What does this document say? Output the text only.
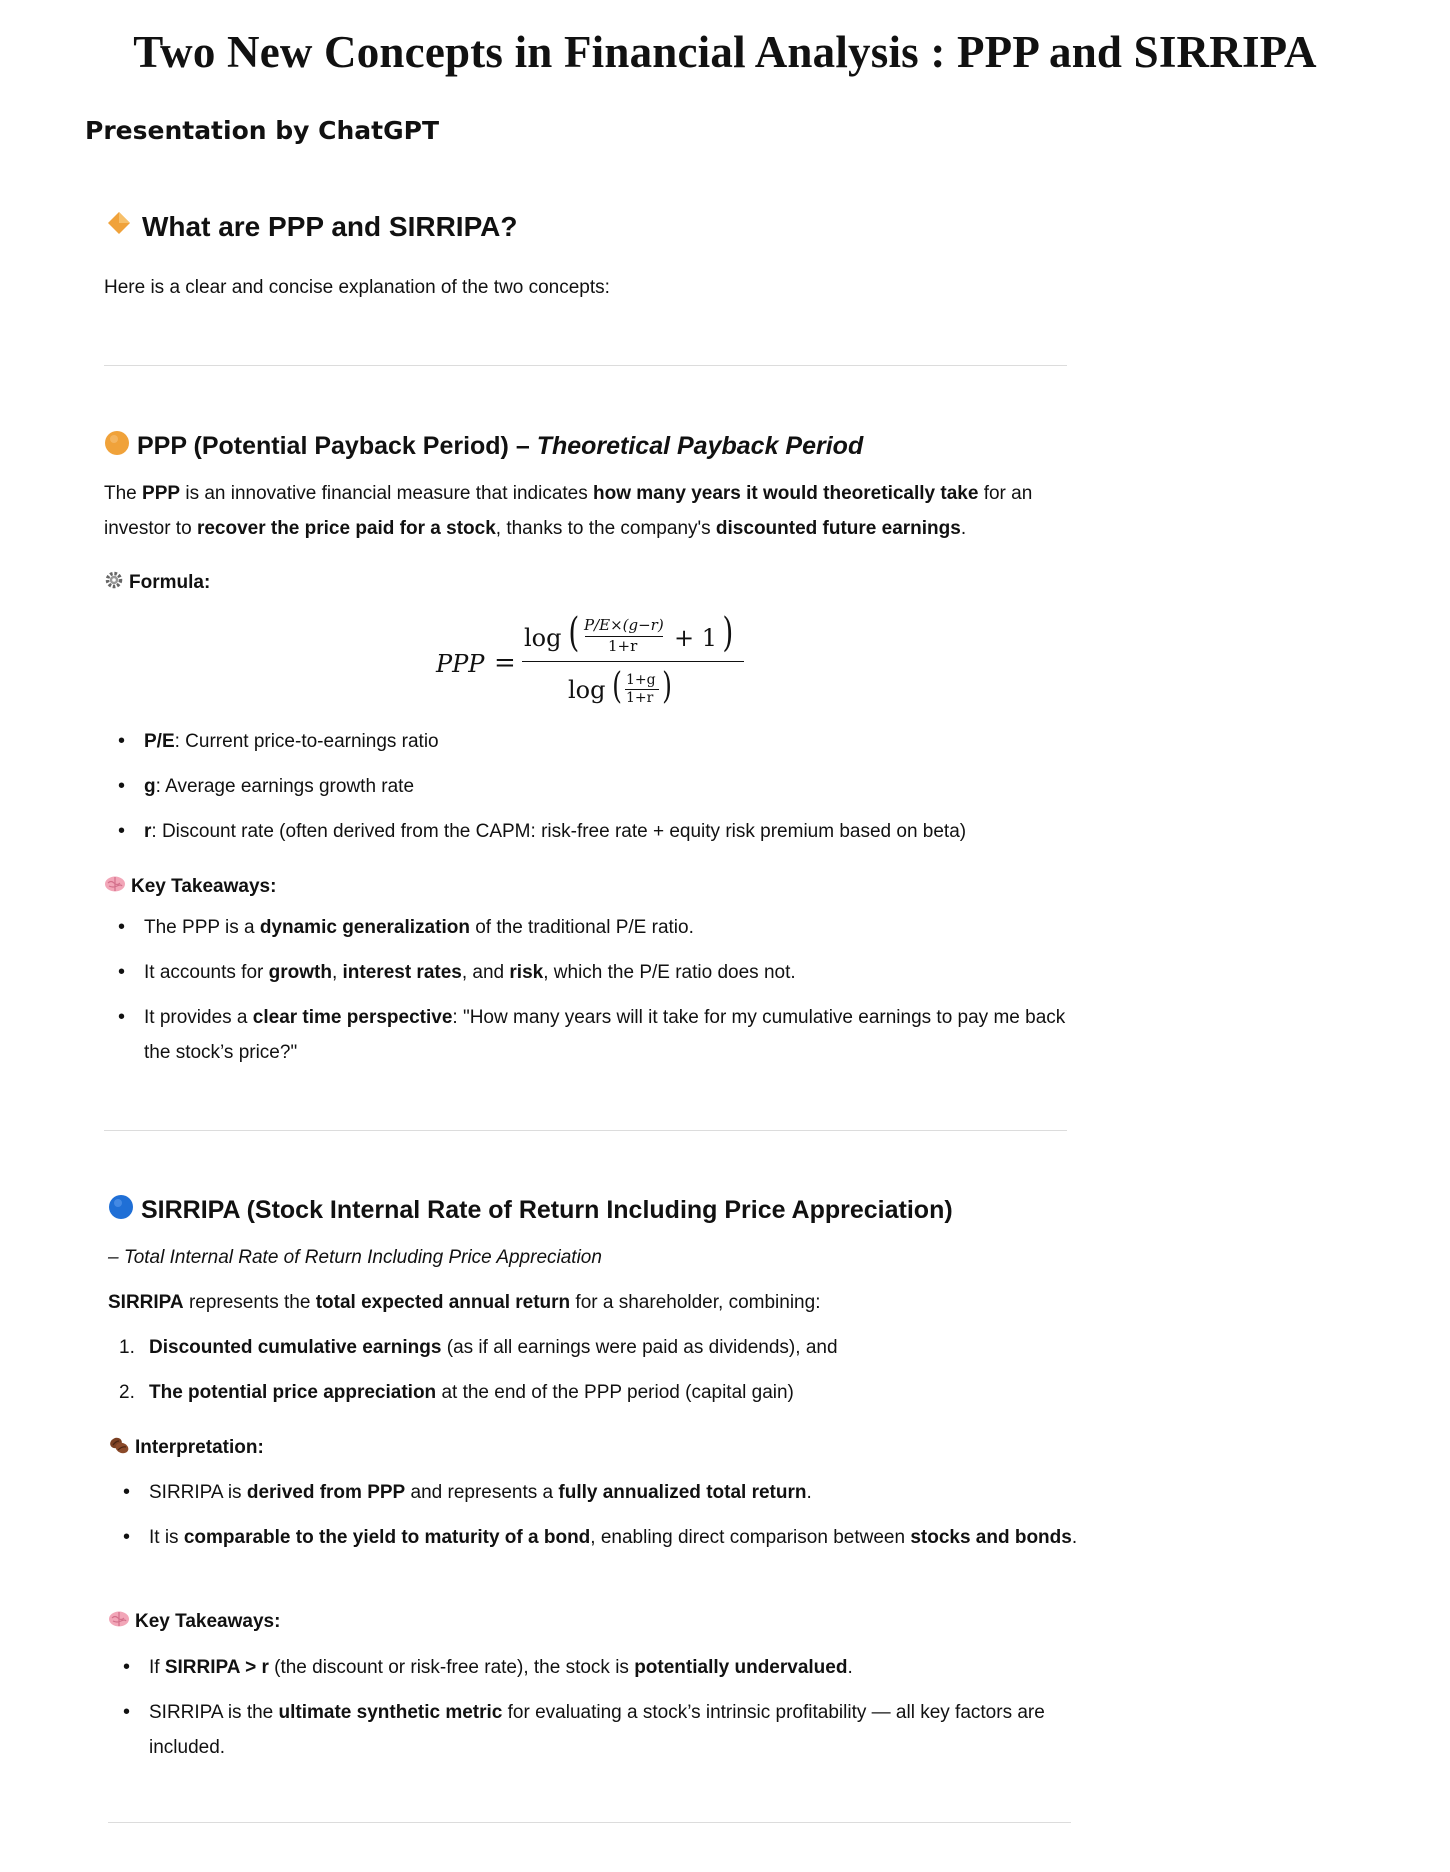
Two New Concepts in Financial Analysis : PPP and SIRRIPA
Presentation by ChatGPT
What are PPP and SIRRIPA?
Here is a clear and concise explanation of the two concepts:
PPP (Potential Payback Period) – Theoretical Payback Period
The PPP is an innovative financial measure that indicates how many years it would theoretically take for an investor to recover the price paid for a stock, thanks to the company's discounted future earnings.
Formula:
PPP =
log ( P/E×(g−r)
1+r + 1 )
log ( 1+g
1+r )
• P/E: Current price-to-earnings ratio
• g: Average earnings growth rate
• r: Discount rate (often derived from the CAPM: risk-free rate + equity risk premium based on beta)
Key Takeaways:
• The PPP is a dynamic generalization of the traditional P/E ratio.
• It accounts for growth, interest rates, and risk, which the P/E ratio does not.
• It provides a clear time perspective: "How many years will it take for my cumulative earnings to pay me back the stock’s price?"
SIRRIPA (Stock Internal Rate of Return Including Price Appreciation)
– Total Internal Rate of Return Including Price Appreciation
SIRRIPA represents the total expected annual return for a shareholder, combining:
1. Discounted cumulative earnings (as if all earnings were paid as dividends), and
2. The potential price appreciation at the end of the PPP period (capital gain)
Interpretation:
• SIRRIPA is derived from PPP and represents a fully annualized total return.
• It is comparable to the yield to maturity of a bond, enabling direct comparison between stocks and bonds.
Key Takeaways:
• If SIRRIPA > r (the discount or risk-free rate), the stock is potentially undervalued.
• SIRRIPA is the ultimate synthetic metric for evaluating a stock’s intrinsic profitability — all key factors are included.
